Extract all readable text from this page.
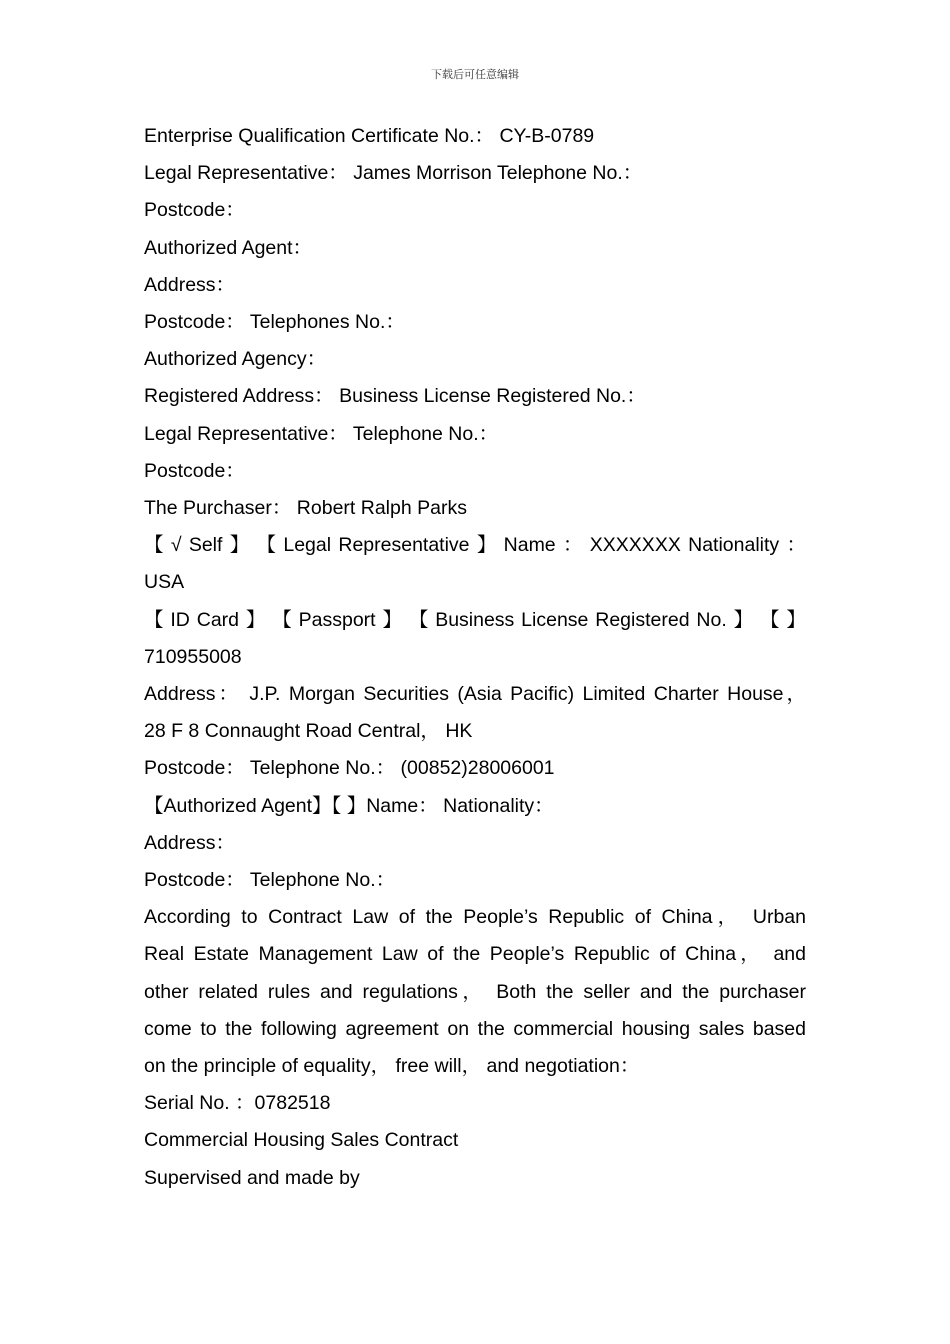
下载后可任意编辑

Enterprise Qualification Certificate No.： CY-B-0789

Legal Representative： James Morrison Telephone No.：

Postcode：

Authorized Agent：

Address：

Postcode： Telephones No.：

Authorized Agency：

Registered Address： Business License Registered No.：

Legal Representative： Telephone No.：

Postcode：

The Purchaser： Robert Ralph Parks

【 √ Self 】 【 Legal Representative 】 Name ： XXXXXXX Nationality ：

USA

【 ID Card 】 【 Passport 】 【 Business License Registered No. 】 【 】

710955008

Address： J.P. Morgan Securities (Asia Pacific) Limited Charter House，

28 F 8 Connaught Road Central， HK

Postcode： Telephone No.： (00852)28006001

【Authorized Agent】【 】Name： Nationality：

Address：

Postcode： Telephone No.：

According to Contract Law of the People’s Republic of China， Urban

Real Estate Management Law of the People’s Republic of China， and

other related rules and regulations， Both the seller and the purchaser

come to the following agreement on the commercial housing sales based

on the principle of equality， free will， and negotiation：

Serial No. ：0782518

Commercial Housing Sales Contract

Supervised and made by
